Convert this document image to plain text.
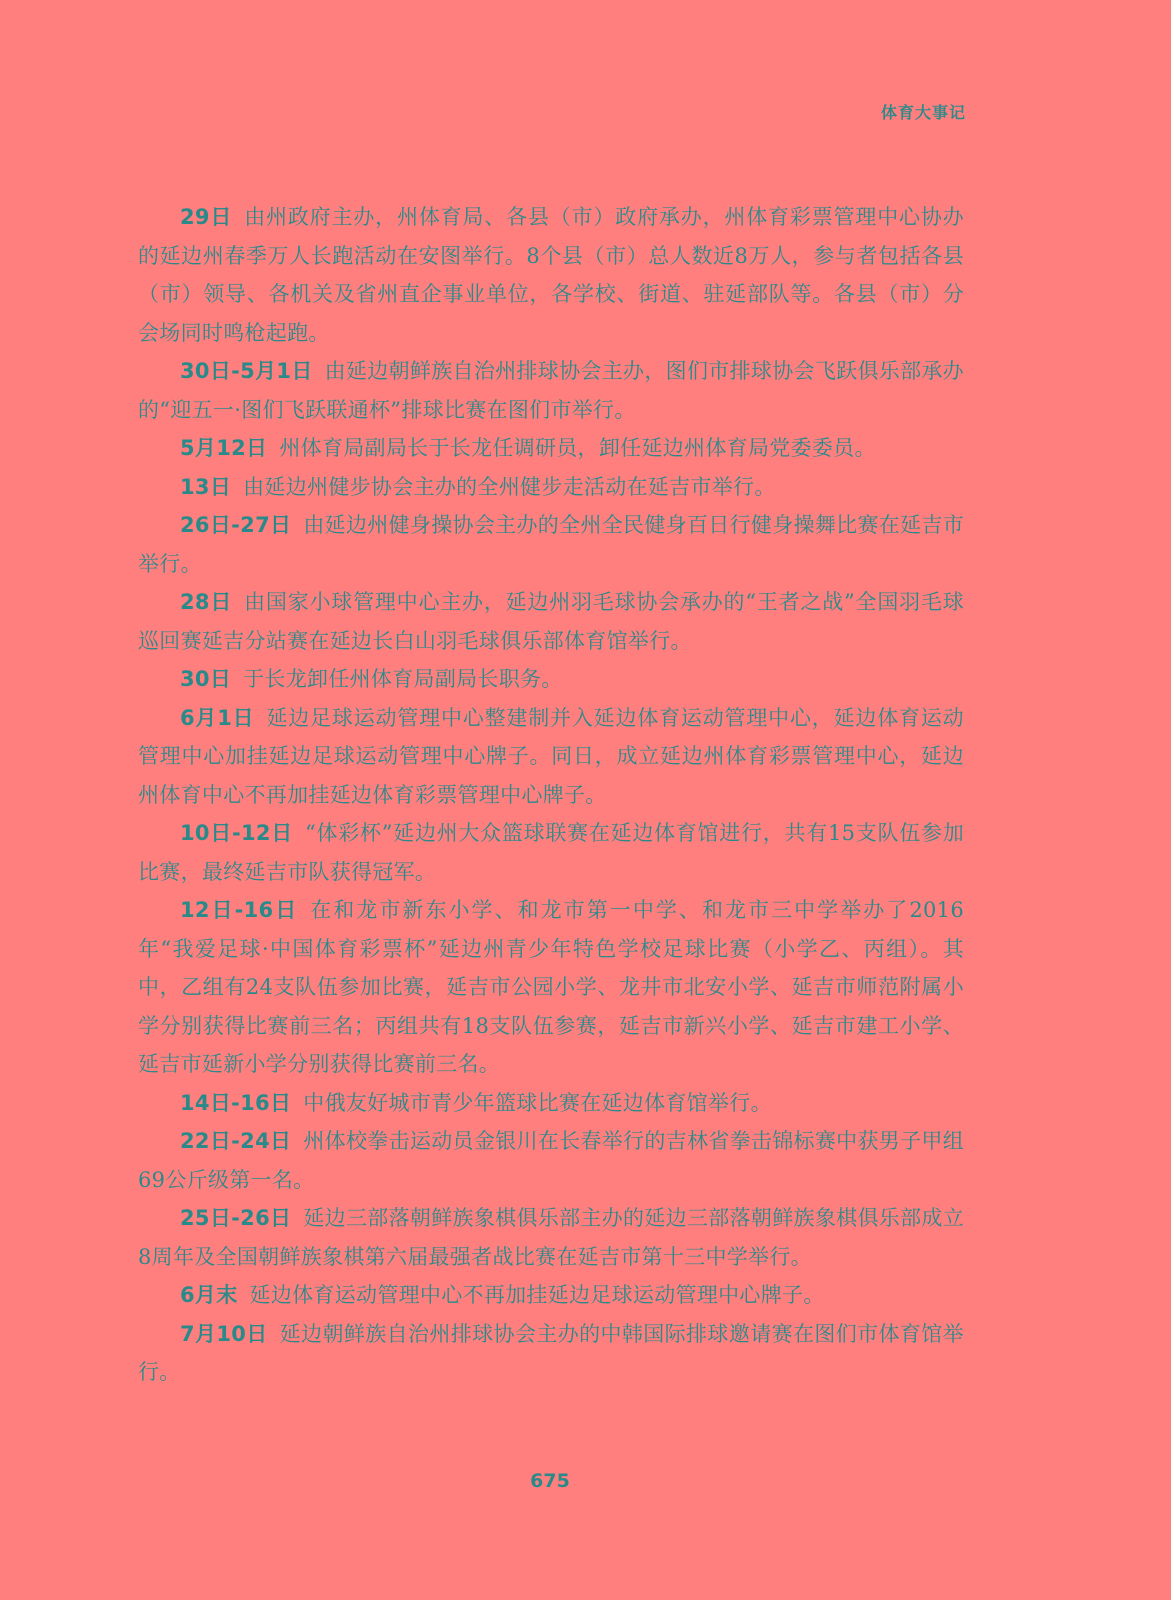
体育大事记

29日 由州政府主办，州体育局、各县（市）政府承办，州体育彩票管理中心协办的延边州春季万人长跑活动在安图举行。8个县（市）总人数近8万人，参与者包括各县（市）领导、各机关及省州直企事业单位，各学校、街道、驻延部队等。各县（市）分会场同时鸣枪起跑。

30日-5月1日 由延边朝鲜族自治州排球协会主办，图们市排球协会飞跃俱乐部承办的“迎五一·图们飞跃联通杯”排球比赛在图们市举行。

5月12日 州体育局副局长于长龙任调研员，卸任延边州体育局党委委员。

13日 由延边州健步协会主办的全州健步走活动在延吉市举行。

26日-27日 由延边州健身操协会主办的全州全民健身百日行健身操舞比赛在延吉市举行。

28日 由国家小球管理中心主办，延边州羽毛球协会承办的“王者之战”全国羽毛球巡回赛延吉分站赛在延边长白山羽毛球俱乐部体育馆举行。

30日 于长龙卸任州体育局副局长职务。

6月1日 延边足球运动管理中心整建制并入延边体育运动管理中心，延边体育运动管理中心加挂延边足球运动管理中心牌子。同日，成立延边州体育彩票管理中心，延边州体育中心不再加挂延边体育彩票管理中心牌子。

10日-12日 “体彩杯”延边州大众篮球联赛在延边体育馆进行，共有15支队伍参加比赛，最终延吉市队获得冠军。

12日-16日 在和龙市新东小学、和龙市第一中学、和龙市三中学举办了2016年“我爱足球·中国体育彩票杯”延边州青少年特色学校足球比赛（小学乙、丙组）。其中，乙组有24支队伍参加比赛，延吉市公园小学、龙井市北安小学、延吉市师范附属小学分别获得比赛前三名；丙组共有18支队伍参赛，延吉市新兴小学、延吉市建工小学、延吉市延新小学分别获得比赛前三名。

14日-16日 中俄友好城市青少年篮球比赛在延边体育馆举行。

22日-24日 州体校拳击运动员金银川在长春举行的吉林省拳击锦标赛中获男子甲组69公斤级第一名。

25日-26日 延边三部落朝鲜族象棋俱乐部主办的延边三部落朝鲜族象棋俱乐部成立8周年及全国朝鲜族象棋第六届最强者战比赛在延吉市第十三中学举行。

6月末 延边体育运动管理中心不再加挂延边足球运动管理中心牌子。

7月10日 延边朝鲜族自治州排球协会主办的中韩国际排球邀请赛在图们市体育馆举行。

675
